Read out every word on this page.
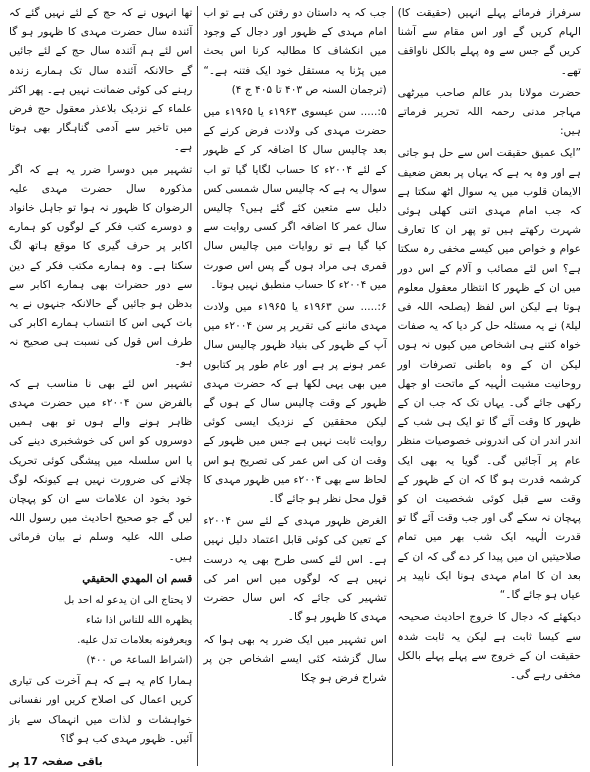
تھا انہوں نے کہ حج کے لئے نہیں گئے کہ آئندہ سال حضرت مہدی کا ظہور ہو گا اس لئے ہم آئندہ سال حج کے لئے جائیں گے حالانکہ آئندہ سال تک ہمارے زندہ رہنے کی کوئی ضمانت نہیں ہے۔ پھر اکثر علماء کے نزدیک بلاعذر معقول حج فرض میں تاخیر سے آدمی گناہگار بھی ہوتا ہے۔

تشہیر میں دوسرا ضرر یہ ہے کہ اگر مذکورہ سال حضرت مہدی علیہ الرضوان کا ظہور نہ ہوا تو جاہل خانواد و دوسرے کتب فکر کے لوگوں کو ہمارے اکابر پر حرف گیری کا موقع ہاتھ لگ سکتا ہے۔ وہ ہمارے مکتب فکر کے دین سے دور حضرات بھی ہمارے اکابر سے بدظن ہو جائیں گے حالانکہ جنہوں نے یہ بات کہی اس کا انتساب ہمارے اکابر کی طرف اس قول کی نسبت ہی صحیح نہ ہو۔

تشہیر اس لئے بھی نا مناسب ہے کہ بالفرض سن ۲۰۰۴ء میں حضرت مہدی ظاہر ہونے والے ہوں تو بھی ہمیں دوسروں کو اس کی خوشخبری دینے کی یا اس سلسلہ میں پیشگی کوئی تحریک چلانے کی ضرورت نہیں ہے کیونکہ لوگ خود بخود ان علامات سے ان کو پہچان لیں گے جو صحیح احادیث میں رسول اللہ صلی اللہ علیہ وسلم نے بیان فرمائی ہیں۔

قسم ان المهدي الحقيقي

لا يحتاج الى ان يدعو له احد بل

يظهره الله للناس اذا شاء

ويعرفونه بعلامات تدل عليه.

(اشراط الساعۃ ص ۴۰۰)

ہمارا کام یہ ہے کہ ہم آخرت کی تیاری کریں اعمال کی اصلاح کریں اور نفسانی خواہشات و لذات میں انہماک سے باز آئیں۔ ظہور مہدی کب ہو گا؟

باقی صفحہ 17 پر

جب کہ یہ داستان دو رفتن کی ہے تو اب امام مہدی کے ظہور اور دجال کے وجود میں انکشاف کا مطالبہ کرنا اس بحث میں پڑنا یہ مستقل خود ایک فتنہ ہے۔“ (ترجمان السنہ ص ۴۰۳ تا ۴۰۵ ج ۴)

۵:..... سن عیسوی ۱۹۶۳ء یا ۱۹۶۵ء میں حضرت مہدی کی ولادت فرض کرنے کے بعد چالیس سال کا اضافہ کر کے ظہور کے لئے ۲۰۰۴ء کا حساب لگایا گیا تو اب سوال یہ ہے کہ چالیس سال شمسی کس دلیل سے متعین کئے گئے ہیں؟ چالیس سال عمر کا اضافہ اگر کسی روایت سے کیا گیا ہے تو روایات میں چالیس سال قمری ہی مراد ہوں گے پس اس صورت میں ۲۰۰۴ء کا حساب منطبق نہیں ہوتا۔

۶:..... سن ۱۹۶۳ء یا ۱۹۶۵ء میں ولادت مہدی ماننے کی تقریر پر سن ۲۰۰۴ء میں آپ کے ظہور کی بنیاد ظہور چالیس سال عمر ہونے پر ہے اور عام طور پر کتابوں میں بھی یہی لکھا ہے کہ حضرت مہدی ظہور کے وقت چالیس سال کے ہوں گے لیکن محققین کے نزدیک ایسی کوئی روایت ثابت نہیں ہے جس میں ظہور کے وقت ان کی اس عمر کی تصریح ہو اس لحاظ سے بھی ۲۰۰۴ء میں ظہور مہدی کا قول محل نظر ہو جائے گا۔

الغرض ظہور مہدی کے لئے سن ۲۰۰۴ء کے تعین کی کوئی قابل اعتماد دلیل نہیں ہے۔ اس لئے کسی طرح بھی یہ درست نہیں ہے کہ لوگوں میں اس امر کی تشہیر کی جائے کہ اس سال حضرت مہدی کا ظہور ہو گا۔

اس تشہیر میں ایک ضرر یہ بھی ہوا کہ سال گزشتہ کئی ایسے اشخاص جن پر شراح فرض ہو چکا

سرفراز فرمائے پہلے انہیں (حقیقت کا) الہام کریں گے اور اس مقام سے آشنا کریں گے جس سے وہ پہلے بالکل ناواقف تھے۔

حضرت مولانا بدر عالم صاحب میرٹھی مہاجر مدنی رحمہ اللہ تحریر فرماتے ہیں:

”ایک عمیق حقیقت اس سے حل ہو جاتی ہے اور وہ یہ ہے کہ یہاں پر بعض ضعیف الایمان قلوب میں یہ سوال اٹھ سکتا ہے کہ جب امام مہدی اتنی کھلی ہوئی شہرت رکھتے ہیں تو پھر ان کا تعارف عوام و خواص میں کیسے مخفی رہ سکتا ہے؟ اس لئے مصائب و آلام کے اس دور میں ان کے ظہور کا انتظار معقول معلوم ہوتا ہے لیکن اس لفظ (یصلحہ اللہ فی لیلۃ) نے یہ مسئلہ حل کر دیا کہ یہ صفات خواہ کتنے ہی اشخاص میں کیوں نہ ہوں لیکن ان کے وہ باطنی تصرفات اور روحانیت مشیت الٰہیہ کے ماتحت او جھل رکھی جائے گی۔ یہاں تک کہ جب ان کے ظہور کا وقت آئے گا تو ایک ہی شب کے اندر اندر ان کی اندرونی خصوصیات منظر عام پر آجائیں گی۔ گویا یہ بھی ایک کرشمہ قدرت ہو گا کہ ان کے ظہور کے وقت سے قبل کوئی شخصیت ان کو پہچان نہ سکے گی اور جب وقت آئے گا تو قدرت الٰہیہ ایک شب بھر میں تمام صلاحیتیں ان میں پیدا کر دے گی کہ ان کے بعد ان کا امام مہدی ہونا ایک ناپید پر عیاں ہو جائے گا۔“

دیکھئے کہ دجال کا خروج احادیث صحیحہ سے کیسا ثابت ہے لیکن یہ ثابت شدہ حقیقت ان کے خروج سے پہلے پہلے بالکل مخفی رہے گی۔
